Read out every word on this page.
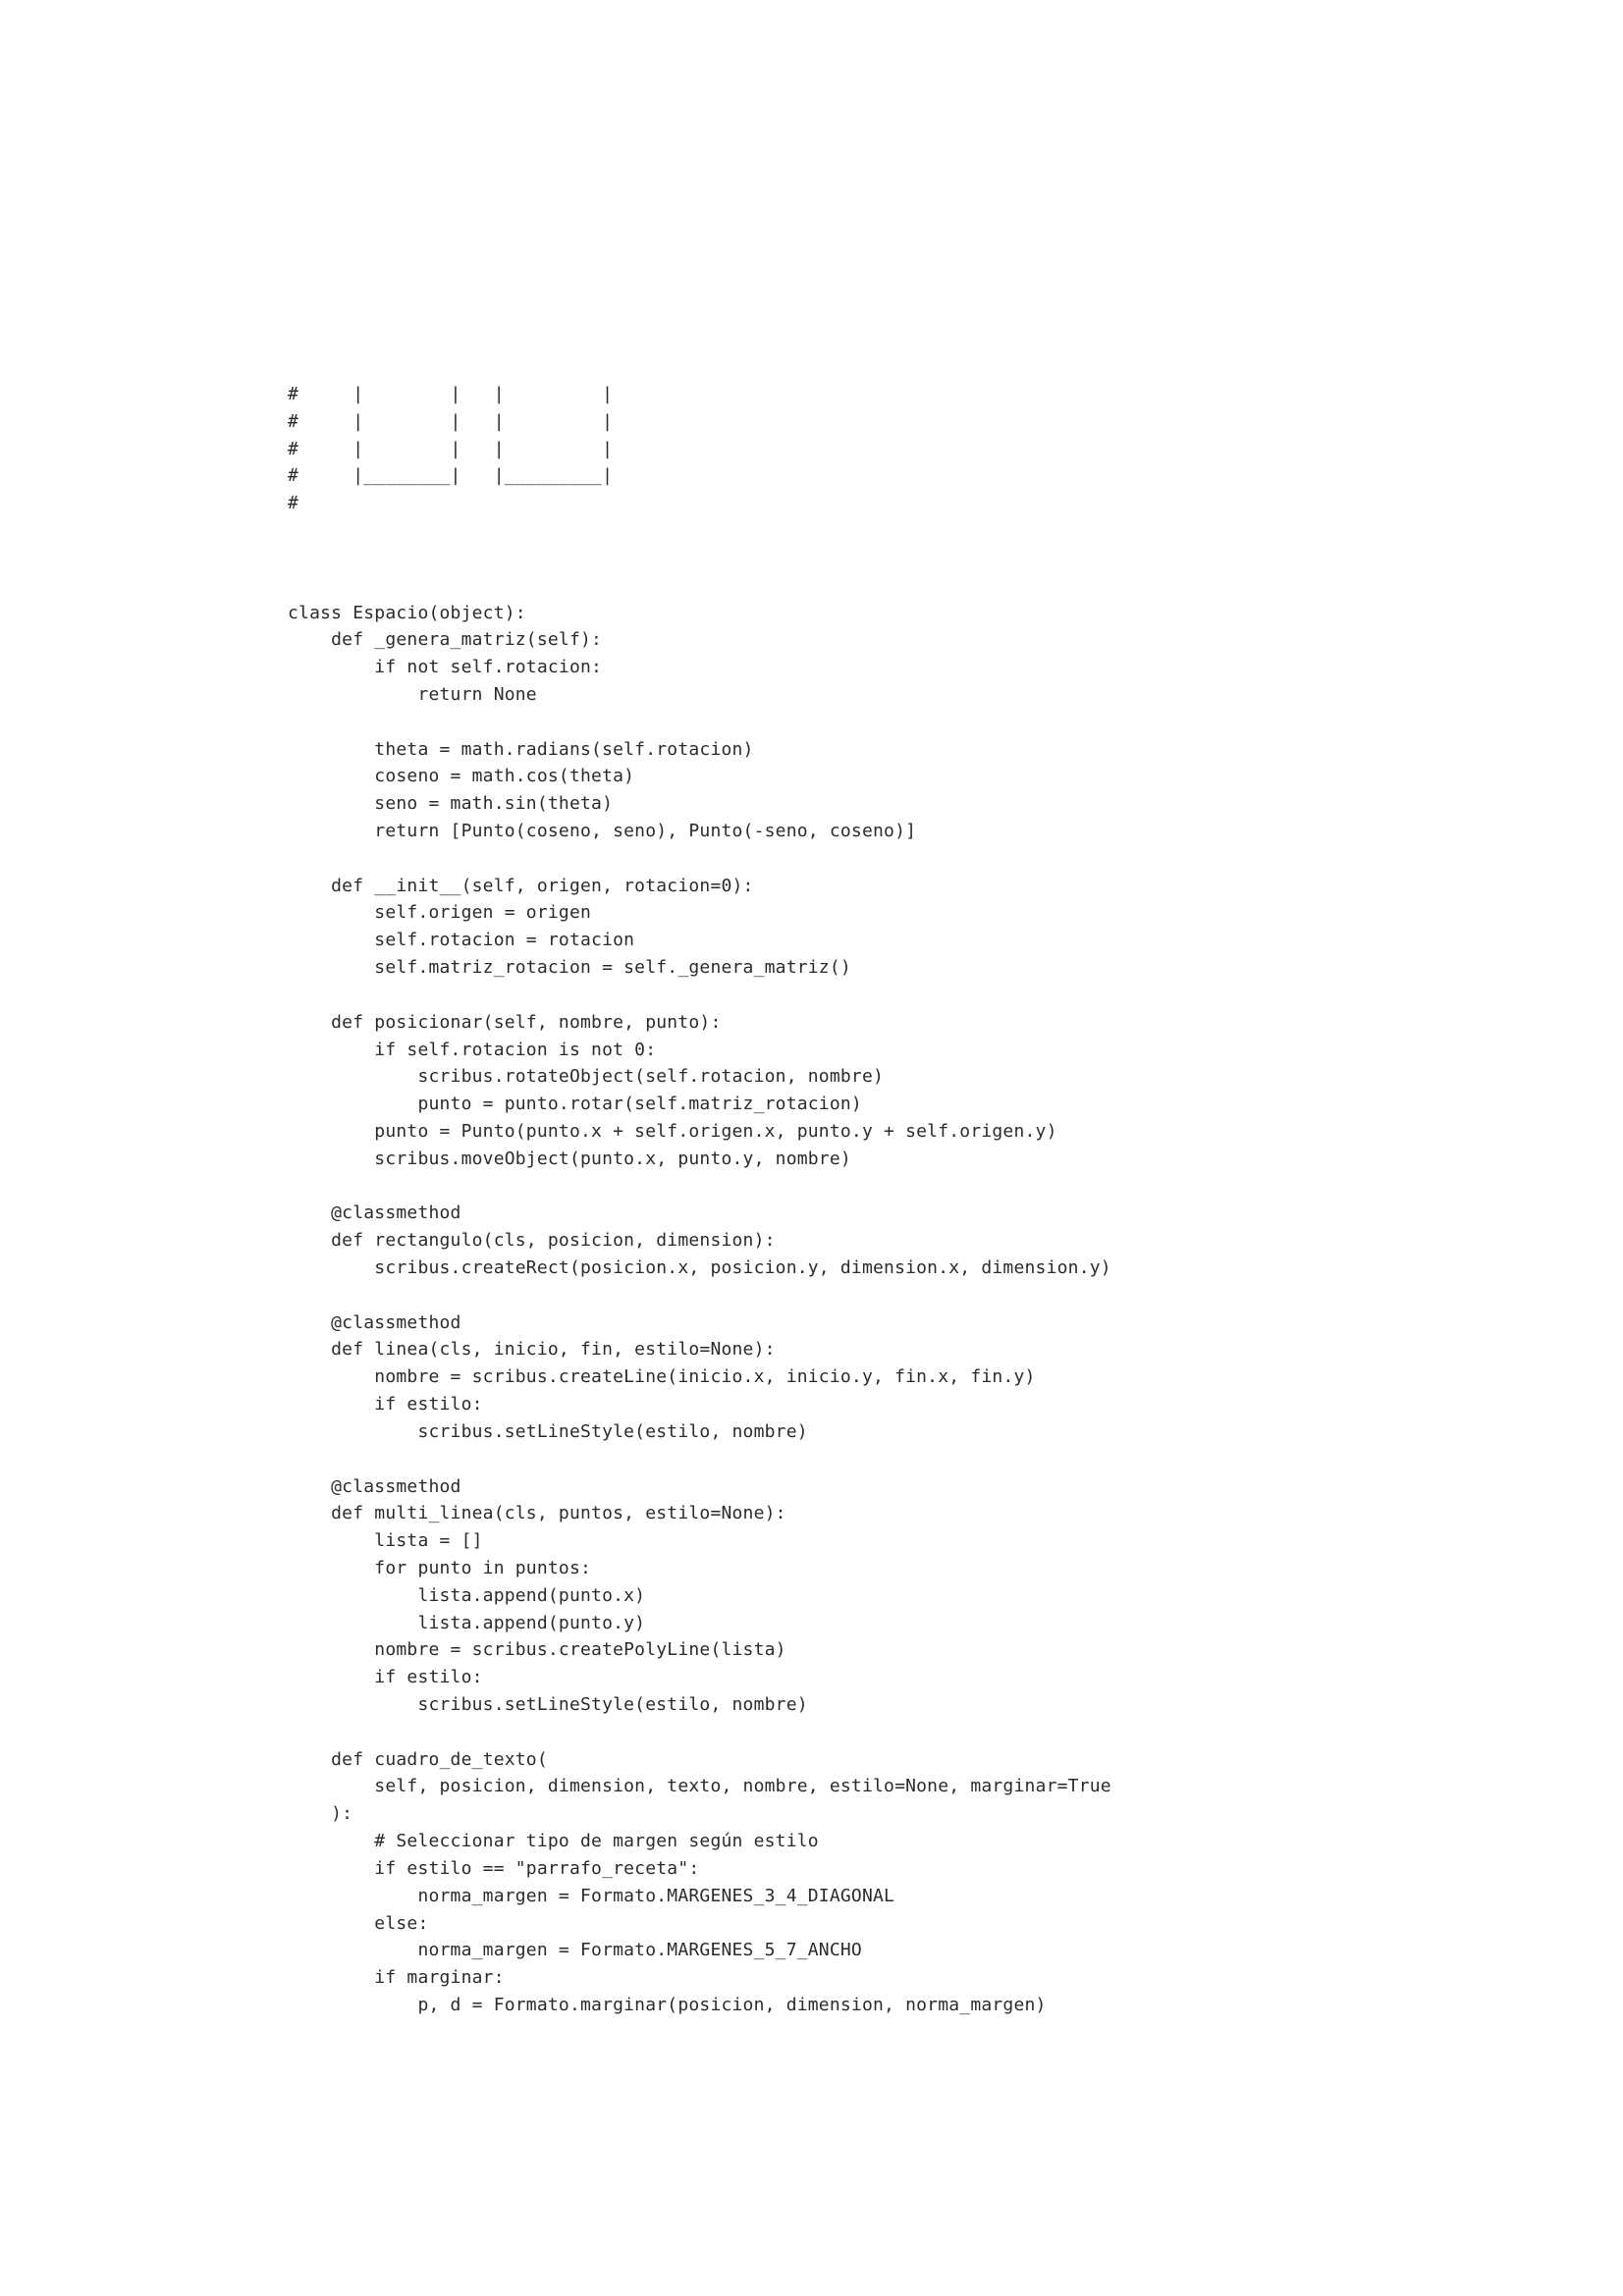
#     |        |   |         |
#     |        |   |         |
#     |        |   |         |
#     |________|   |_________|
#
class Espacio(object):
def _genera_matriz(self):
if not self.rotacion:
return None
theta = math.radians(self.rotacion)
coseno = math.cos(theta)
seno = math.sin(theta)
return [Punto(coseno, seno), Punto(-seno, coseno)]
def __init__(self, origen, rotacion=0):
self.origen = origen
self.rotacion = rotacion
self.matriz_rotacion = self._genera_matriz()
def posicionar(self, nombre, punto):
if self.rotacion is not 0:
scribus.rotateObject(self.rotacion, nombre)
punto = punto.rotar(self.matriz_rotacion)
punto = Punto(punto.x + self.origen.x, punto.y + self.origen.y)
scribus.moveObject(punto.x, punto.y, nombre)
@classmethod
def rectangulo(cls, posicion, dimension):
scribus.createRect(posicion.x, posicion.y, dimension.x, dimension.y)
@classmethod
def linea(cls, inicio, fin, estilo=None):
nombre = scribus.createLine(inicio.x, inicio.y, fin.x, fin.y)
if estilo:
scribus.setLineStyle(estilo, nombre)
@classmethod
def multi_linea(cls, puntos, estilo=None):
lista = []
for punto in puntos:
lista.append(punto.x)
lista.append(punto.y)
nombre = scribus.createPolyLine(lista)
if estilo:
scribus.setLineStyle(estilo, nombre)
def cuadro_de_texto(
self, posicion, dimension, texto, nombre, estilo=None, marginar=True
):
# Seleccionar tipo de margen según estilo
if estilo == "parrafo_receta":
norma_margen = Formato.MARGENES_3_4_DIAGONAL
else:
norma_margen = Formato.MARGENES_5_7_ANCHO
if marginar:
p, d = Formato.marginar(posicion, dimension, norma_margen)
